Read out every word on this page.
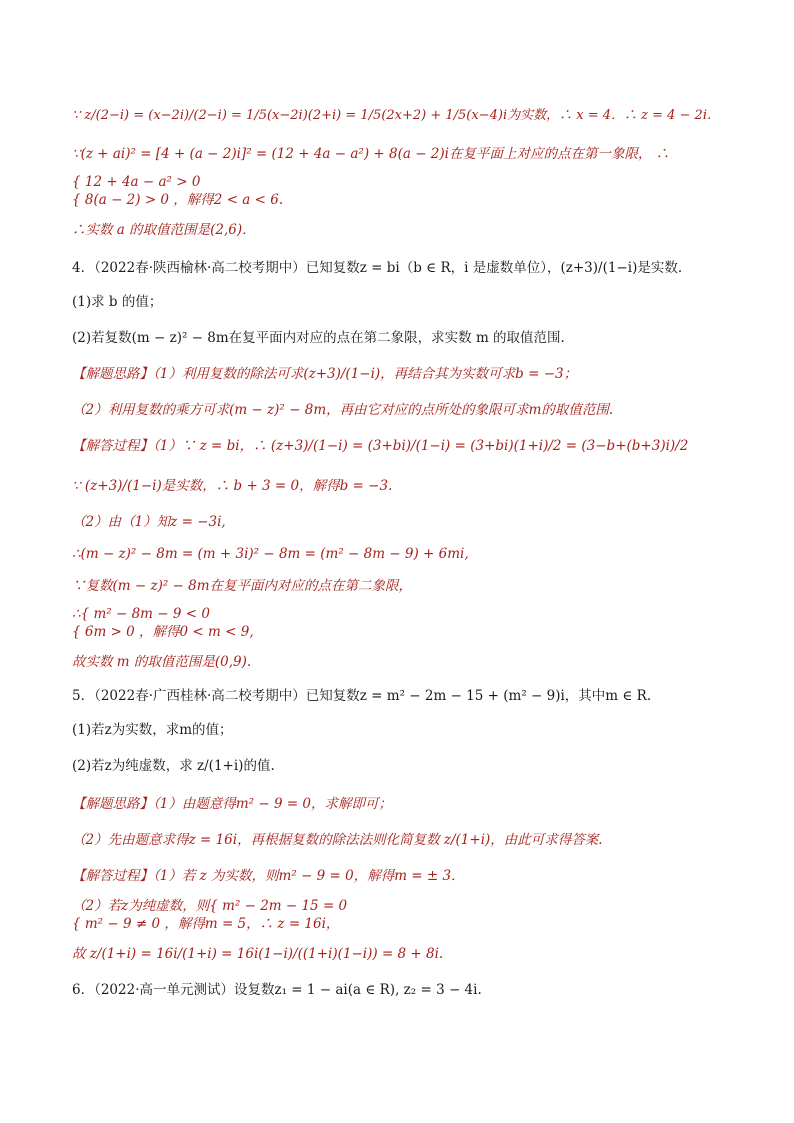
∵ z/(2−i) = (x−2i)/(2−i) = 1/5(x−2i)(2+i) = 1/5(2x+2) + 1/5(x−4)i为实数，∴ x = 4．∴ z = 4 − 2i．
∵(z + ai)² = [4 + (a − 2)i]² = (12 + 4a − a²) + 8(a − 2)i在复平面上对应的点在第一象限， ∴
{ 12 + 4a − a² > 0
{ 8(a − 2) > 0 ，解得2 < a < 6.
∴实数 a 的取值范围是(2,6)．
4．（2022春·陕西榆林·高二校考期中）已知复数z = bi（b ∈ R，i 是虚数单位），(z+3)/(1−i)是实数.
(1)求 b 的值；
(2)若复数(m − z)² − 8m在复平面内对应的点在第二象限，求实数 m 的取值范围.
【解题思路】（1）利用复数的除法可求(z+3)/(1−i)，再结合其为实数可求b = −3；
（2）利用复数的乘方可求(m − z)² − 8m，再由它对应的点所处的象限可求m的取值范围.
【解答过程】（1）∵ z = bi，∴ (z+3)/(1−i) = (3+bi)/(1−i) = (3+bi)(1+i)/2 = (3−b+(b+3)i)/2
∵ (z+3)/(1−i)是实数，∴ b + 3 = 0，解得b = −3.
（2）由（1）知z = −3i,
∴(m − z)² − 8m = (m + 3i)² − 8m = (m² − 8m − 9) + 6mi,
∵复数(m − z)² − 8m在复平面内对应的点在第二象限，
∴{ m² − 8m − 9 < 0
{ 6m > 0 ，解得0 < m < 9,
故实数 m 的取值范围是(0,9).
5．（2022春·广西桂林·高二校考期中）已知复数z = m² − 2m − 15 + (m² − 9)i，其中m ∈ R.
(1)若z为实数，求m的值；
(2)若z为纯虚数，求 z/(1+i)的值.
【解题思路】（1）由题意得m² − 9 = 0，求解即可；
（2）先由题意求得z = 16i，再根据复数的除法法则化简复数 z/(1+i)，由此可求得答案.
【解答过程】（1）若 z 为实数，则m² − 9 = 0，解得m = ± 3．
（2）若z为纯虚数，则{ m² − 2m − 15 = 0
{ m² − 9 ≠ 0 ，解得m = 5，∴ z = 16i，
故 z/(1+i) = 16i/(1+i) = 16i(1−i)/((1+i)(1−i)) = 8 + 8i.
6．（2022·高一单元测试）设复数z₁ = 1 − ai(a ∈ R), z₂ = 3 − 4i.
